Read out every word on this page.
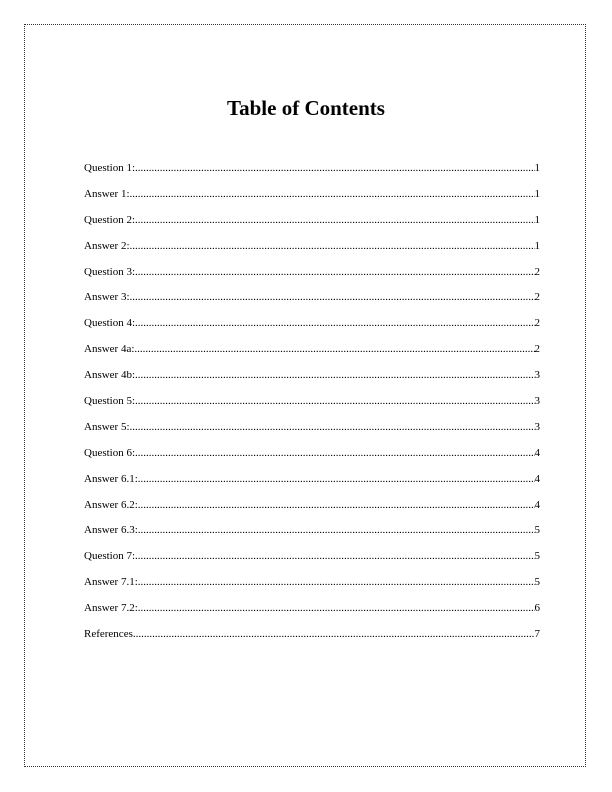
Table of Contents
Question 1: .....	1
Answer 1: .....	1
Question 2: .....	1
Answer 2: .....	1
Question 3: .....	2
Answer 3: .....	2
Question 4: .....	2
Answer 4a: .....	2
Answer 4b: .....	3
Question 5: .....	3
Answer 5: .....	3
Question 6: .....	4
Answer 6.1: .....	4
Answer 6.2: .....	4
Answer 6.3: .....	5
Question 7: .....	5
Answer 7.1: .....	5
Answer 7.2: .....	6
References .....	7
